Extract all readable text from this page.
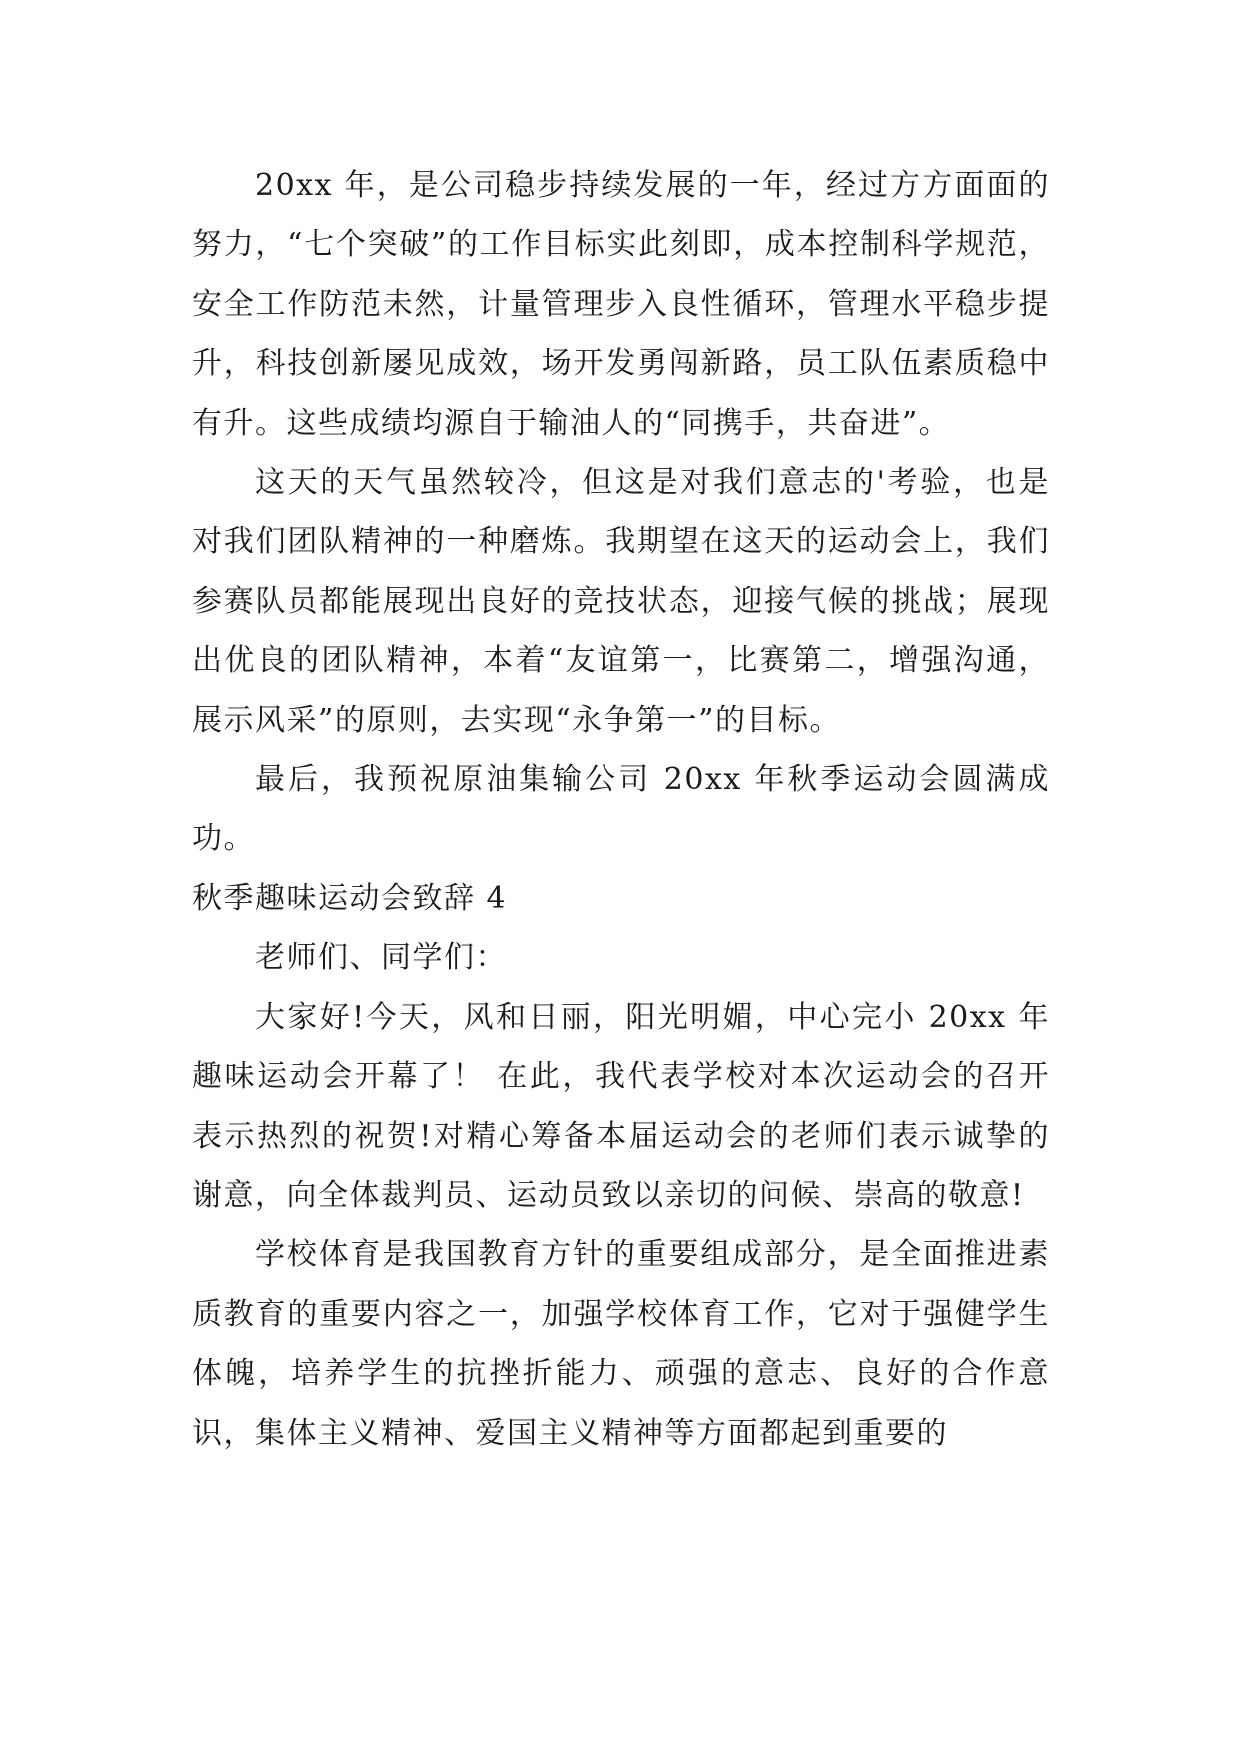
20xx 年，是公司稳步持续发展的一年，经过方方面面的努力，“七个突破”的工作目标实此刻即，成本控制科学规范，安全工作防范未然，计量管理步入良性循环，管理水平稳步提升，科技创新屡见成效，场开发勇闯新路，员工队伍素质稳中有升。这些成绩均源自于输油人的“同携手，共奋进”。

这天的天气虽然较冷，但这是对我们意志的'考验，也是对我们团队精神的一种磨炼。我期望在这天的运动会上，我们参赛队员都能展现出良好的竞技状态，迎接气候的挑战；展现出优良的团队精神，本着“友谊第一，比赛第二，增强沟通，展示风采”的原则，去实现“永争第一”的目标。

最后，我预祝原油集输公司 20xx 年秋季运动会圆满成功。

秋季趣味运动会致辞 4

老师们、同学们：

大家好!今天，风和日丽，阳光明媚，中心完小 20xx 年趣味运动会开幕了！ 在此，我代表学校对本次运动会的召开表示热烈的祝贺!对精心筹备本届运动会的老师们表示诚挚的谢意，向全体裁判员、运动员致以亲切的问候、崇高的敬意!

学校体育是我国教育方针的重要组成部分，是全面推进素质教育的重要内容之一，加强学校体育工作，它对于强健学生体魄，培养学生的抗挫折能力、顽强的意志、良好的合作意识，集体主义精神、爱国主义精神等方面都起到重要的
